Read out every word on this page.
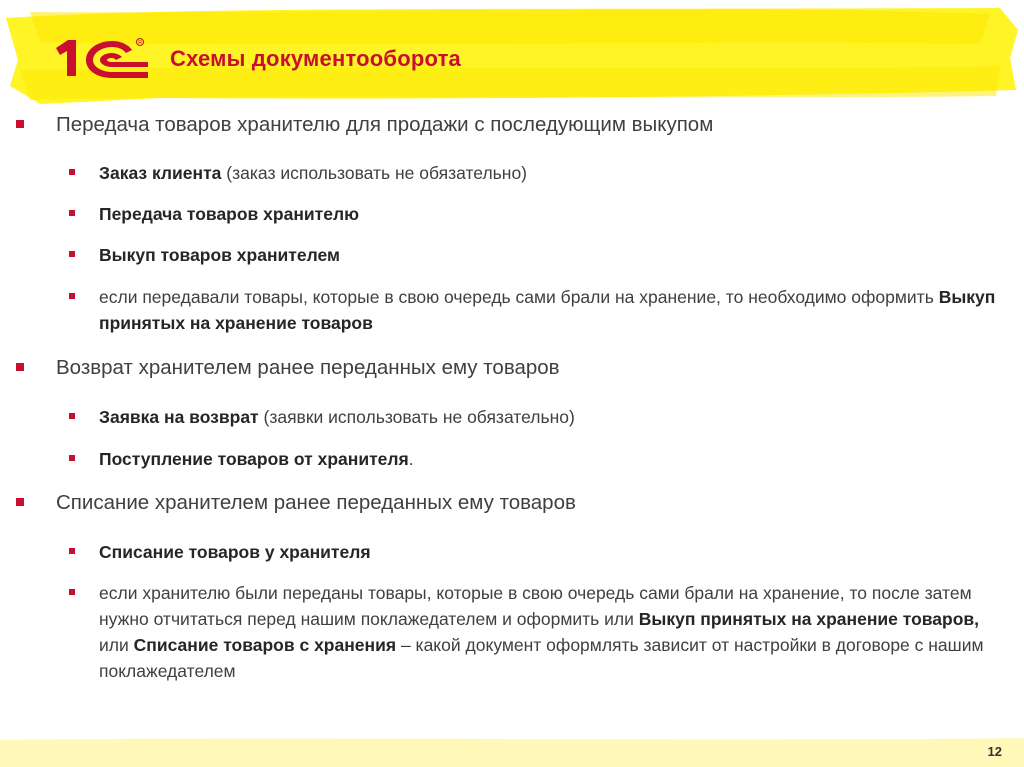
R
Схемы документооборота
Передача товаров хранителю для продажи с последующим выкупом
Заказ клиента (заказ использовать не обязательно)
Передача товаров хранителю
Выкуп товаров хранителем
если передавали товары, которые в свою очередь сами брали на хранение, то необходимо оформить Выкуп принятых на хранение товаров
Возврат хранителем ранее переданных ему товаров
Заявка на возврат (заявки использовать не обязательно)
Поступление товаров от хранителя.
Списание хранителем ранее переданных ему товаров
Списание товаров у хранителя
если хранителю были переданы товары, которые в свою очередь сами брали на хранение, то после затем нужно отчитаться перед нашим поклажедателем и оформить или Выкуп принятых на хранение товаров, или Списание товаров с хранения – какой документ оформлять зависит от настройки в договоре с нашим поклажедателем
12
